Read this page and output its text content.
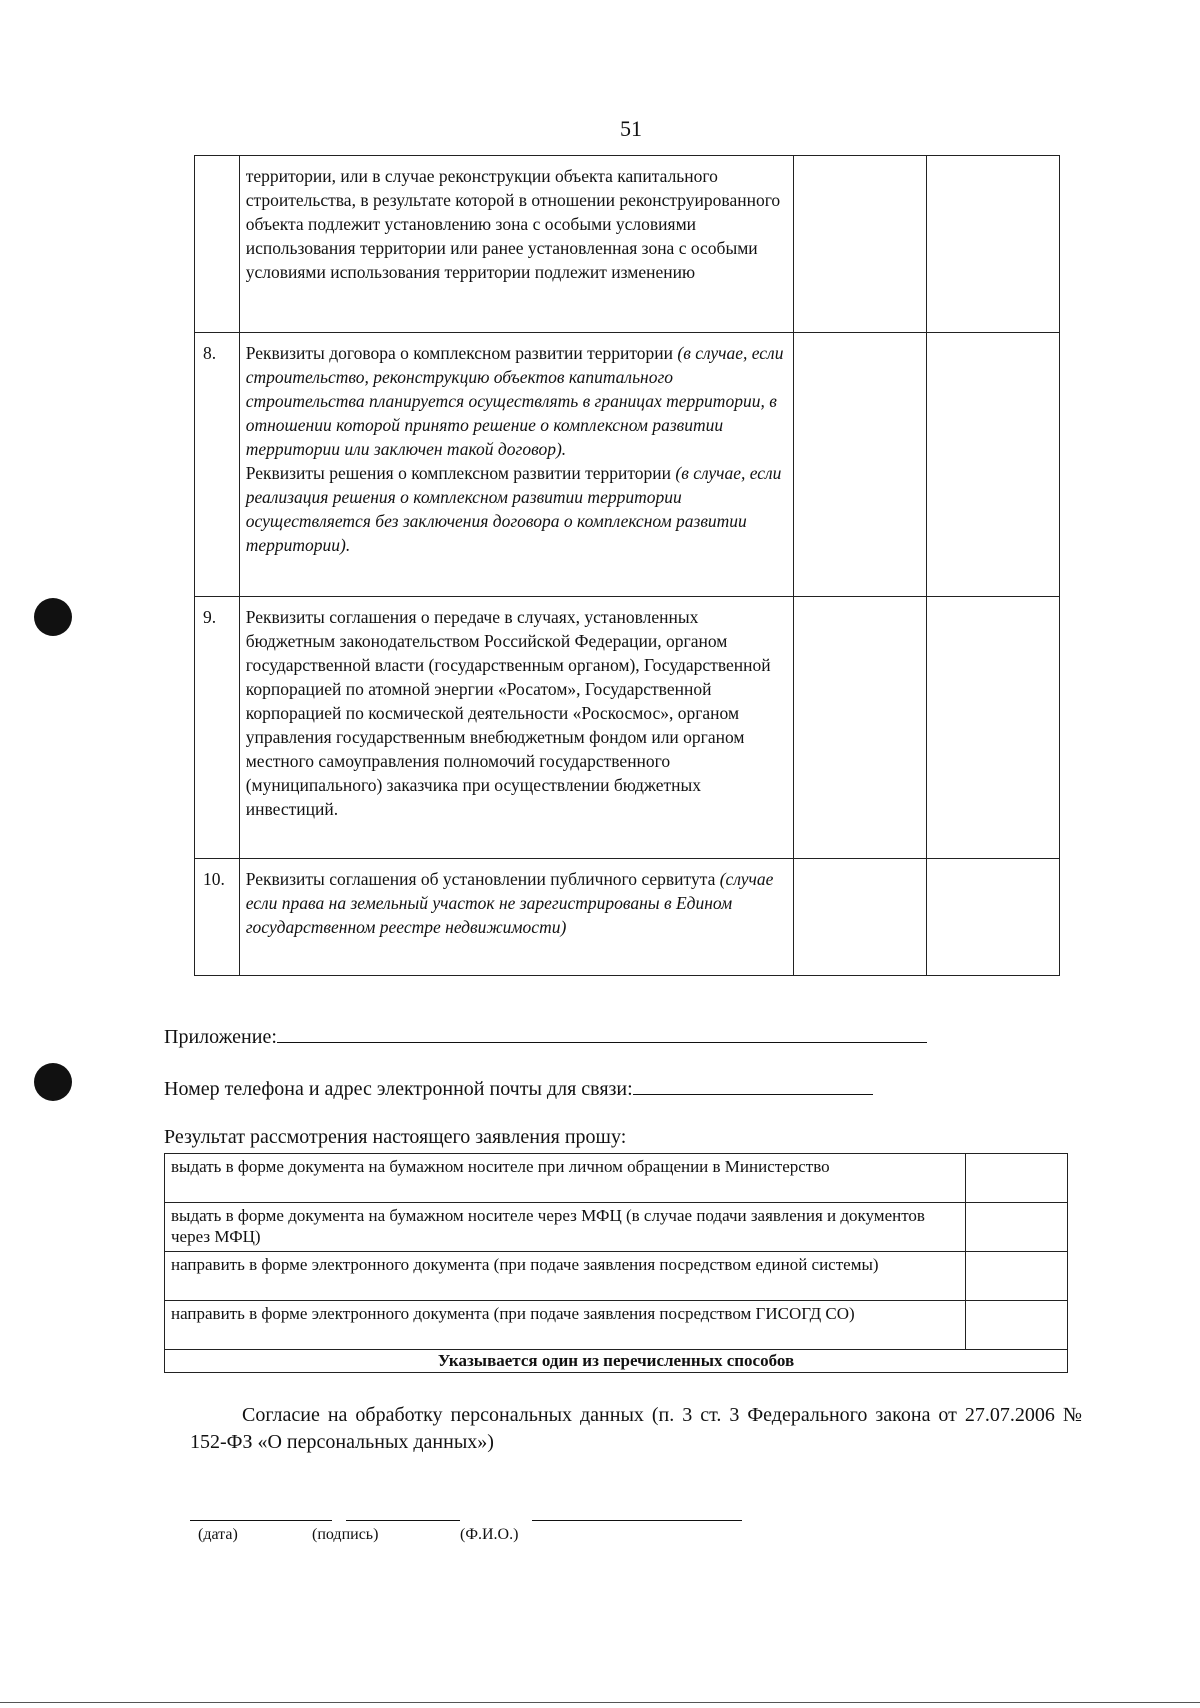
51
	территории, или в случае реконструкции объекта капитального строительства, в результате которой в отношении реконструированного объекта подлежит установлению зона с особыми условиями использования территории или ранее установленная зона с особыми условиями использования территории подлежит изменению		
8.	Реквизиты договора о комплексном развитии территории (в случае, если строительство, реконструкцию объектов капитального строительства планируется осуществлять в границах территории, в отношении которой принято решение о комплексном развитии территории или заключен такой договор).
Реквизиты решения о комплексном развитии территории (в случае, если реализация решения о комплексном развитии территории осуществляется без заключения договора о комплексном развитии территории).		
9.	Реквизиты соглашения о передаче в случаях, установленных бюджетным законодательством Российской Федерации, органом государственной власти (государственным органом), Государственной корпорацией по атомной энергии «Росатом», Государственной корпорацией по космической деятельности «Роскосмос», органом управления государственным внебюджетным фондом или органом местного самоуправления полномочий государственного (муниципального) заказчика при осуществлении бюджетных инвестиций.		
10.	Реквизиты соглашения об установлении публичного сервитута (случае если права на земельный участок не зарегистрированы в Едином государственном реестре недвижимости)		
Приложение:
Номер телефона и адрес электронной почты для связи:
Результат рассмотрения настоящего заявления прошу:
выдать в форме документа на бумажном носителе при личном обращении в Министерство	
выдать в форме документа на бумажном носителе через МФЦ (в случае подачи заявления и документов через МФЦ)	
направить в форме электронного документа (при подаче заявления посредством единой системы)	
направить в форме электронного документа (при подаче заявления посредством ГИСОГД СО)	
Указывается один из перечисленных способов	
Согласие на обработку персональных данных (п. 3 ст. 3 Федерального закона от 27.07.2006 № 152-ФЗ «О персональных данных»)
(дата)	(подпись)	(Ф.И.О.)
